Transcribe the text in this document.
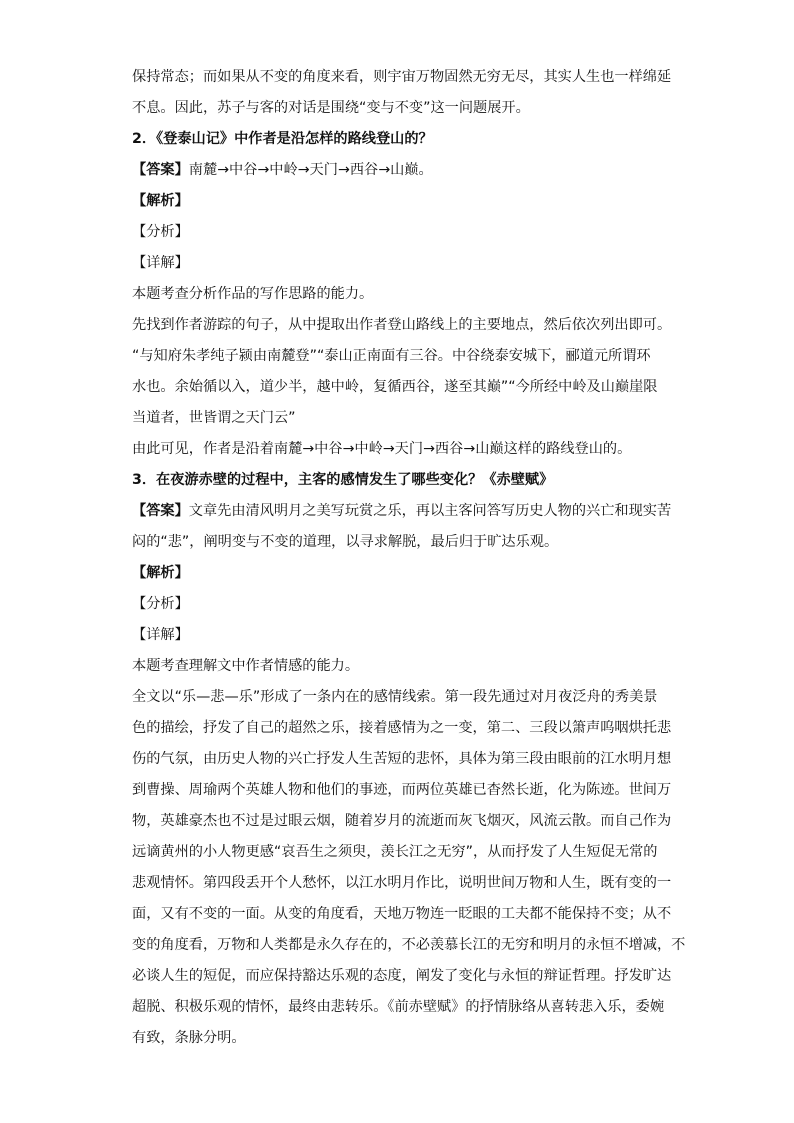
保持常态；而如果从不变的角度来看，则宇宙万物固然无穷无尽，其实人生也一样绵延
不息。因此，苏子与客的对话是围绕“变与不变”这一问题展开。
2．《登泰山记》中作者是沿怎样的路线登山的？
【答案】南麓→中谷→中岭→天门→西谷→山巅。
【解析】
【分析】
【详解】
本题考查分析作品的写作思路的能力。
先找到作者游踪的句子，从中提取出作者登山路线上的主要地点，然后依次列出即可。
“与知府朱孝纯子颍由南麓登”“泰山正南面有三谷。中谷绕泰安城下，郦道元所谓环
水也。余始循以入，道少半，越中岭，复循西谷，遂至其巅”“今所经中岭及山巅崖限
当道者，世皆谓之天门云”
由此可见，作者是沿着南麓→中谷→中岭→天门→西谷→山巅这样的路线登山的。
3．在夜游赤壁的过程中，主客的感情发生了哪些变化？《赤壁赋》
【答案】文章先由清风明月之美写玩赏之乐，再以主客问答写历史人物的兴亡和现实苦
闷的“悲”，阐明变与不变的道理，以寻求解脱，最后归于旷达乐观。
【解析】
【分析】
【详解】
本题考查理解文中作者情感的能力。
全文以“乐—悲—乐”形成了一条内在的感情线索。第一段先通过对月夜泛舟的秀美景
色的描绘，抒发了自己的超然之乐，接着感情为之一变，第二、三段以箫声呜咽烘托悲
伤的气氛，由历史人物的兴亡抒发人生苦短的悲怀，具体为第三段由眼前的江水明月想
到曹操、周瑜两个英雄人物和他们的事迹，而两位英雄已杳然长逝，化为陈迹。世间万
物，英雄豪杰也不过是过眼云烟，随着岁月的流逝而灰飞烟灭，风流云散。而自己作为
远谪黄州的小人物更感“哀吾生之须臾，羡长江之无穷”，从而抒发了人生短促无常的
悲观情怀。第四段丢开个人愁怀，以江水明月作比，说明世间万物和人生，既有变的一
面，又有不变的一面。从变的角度看，天地万物连一眨眼的工夫都不能保持不变；从不
变的角度看，万物和人类都是永久存在的，不必羡慕长江的无穷和明月的永恒不增减，不
必谈人生的短促，而应保持豁达乐观的态度，阐发了变化与永恒的辩证哲理。抒发旷达
超脱、积极乐观的情怀，最终由悲转乐。《前赤壁赋》的抒情脉络从喜转悲入乐，委婉
有致，条脉分明。
